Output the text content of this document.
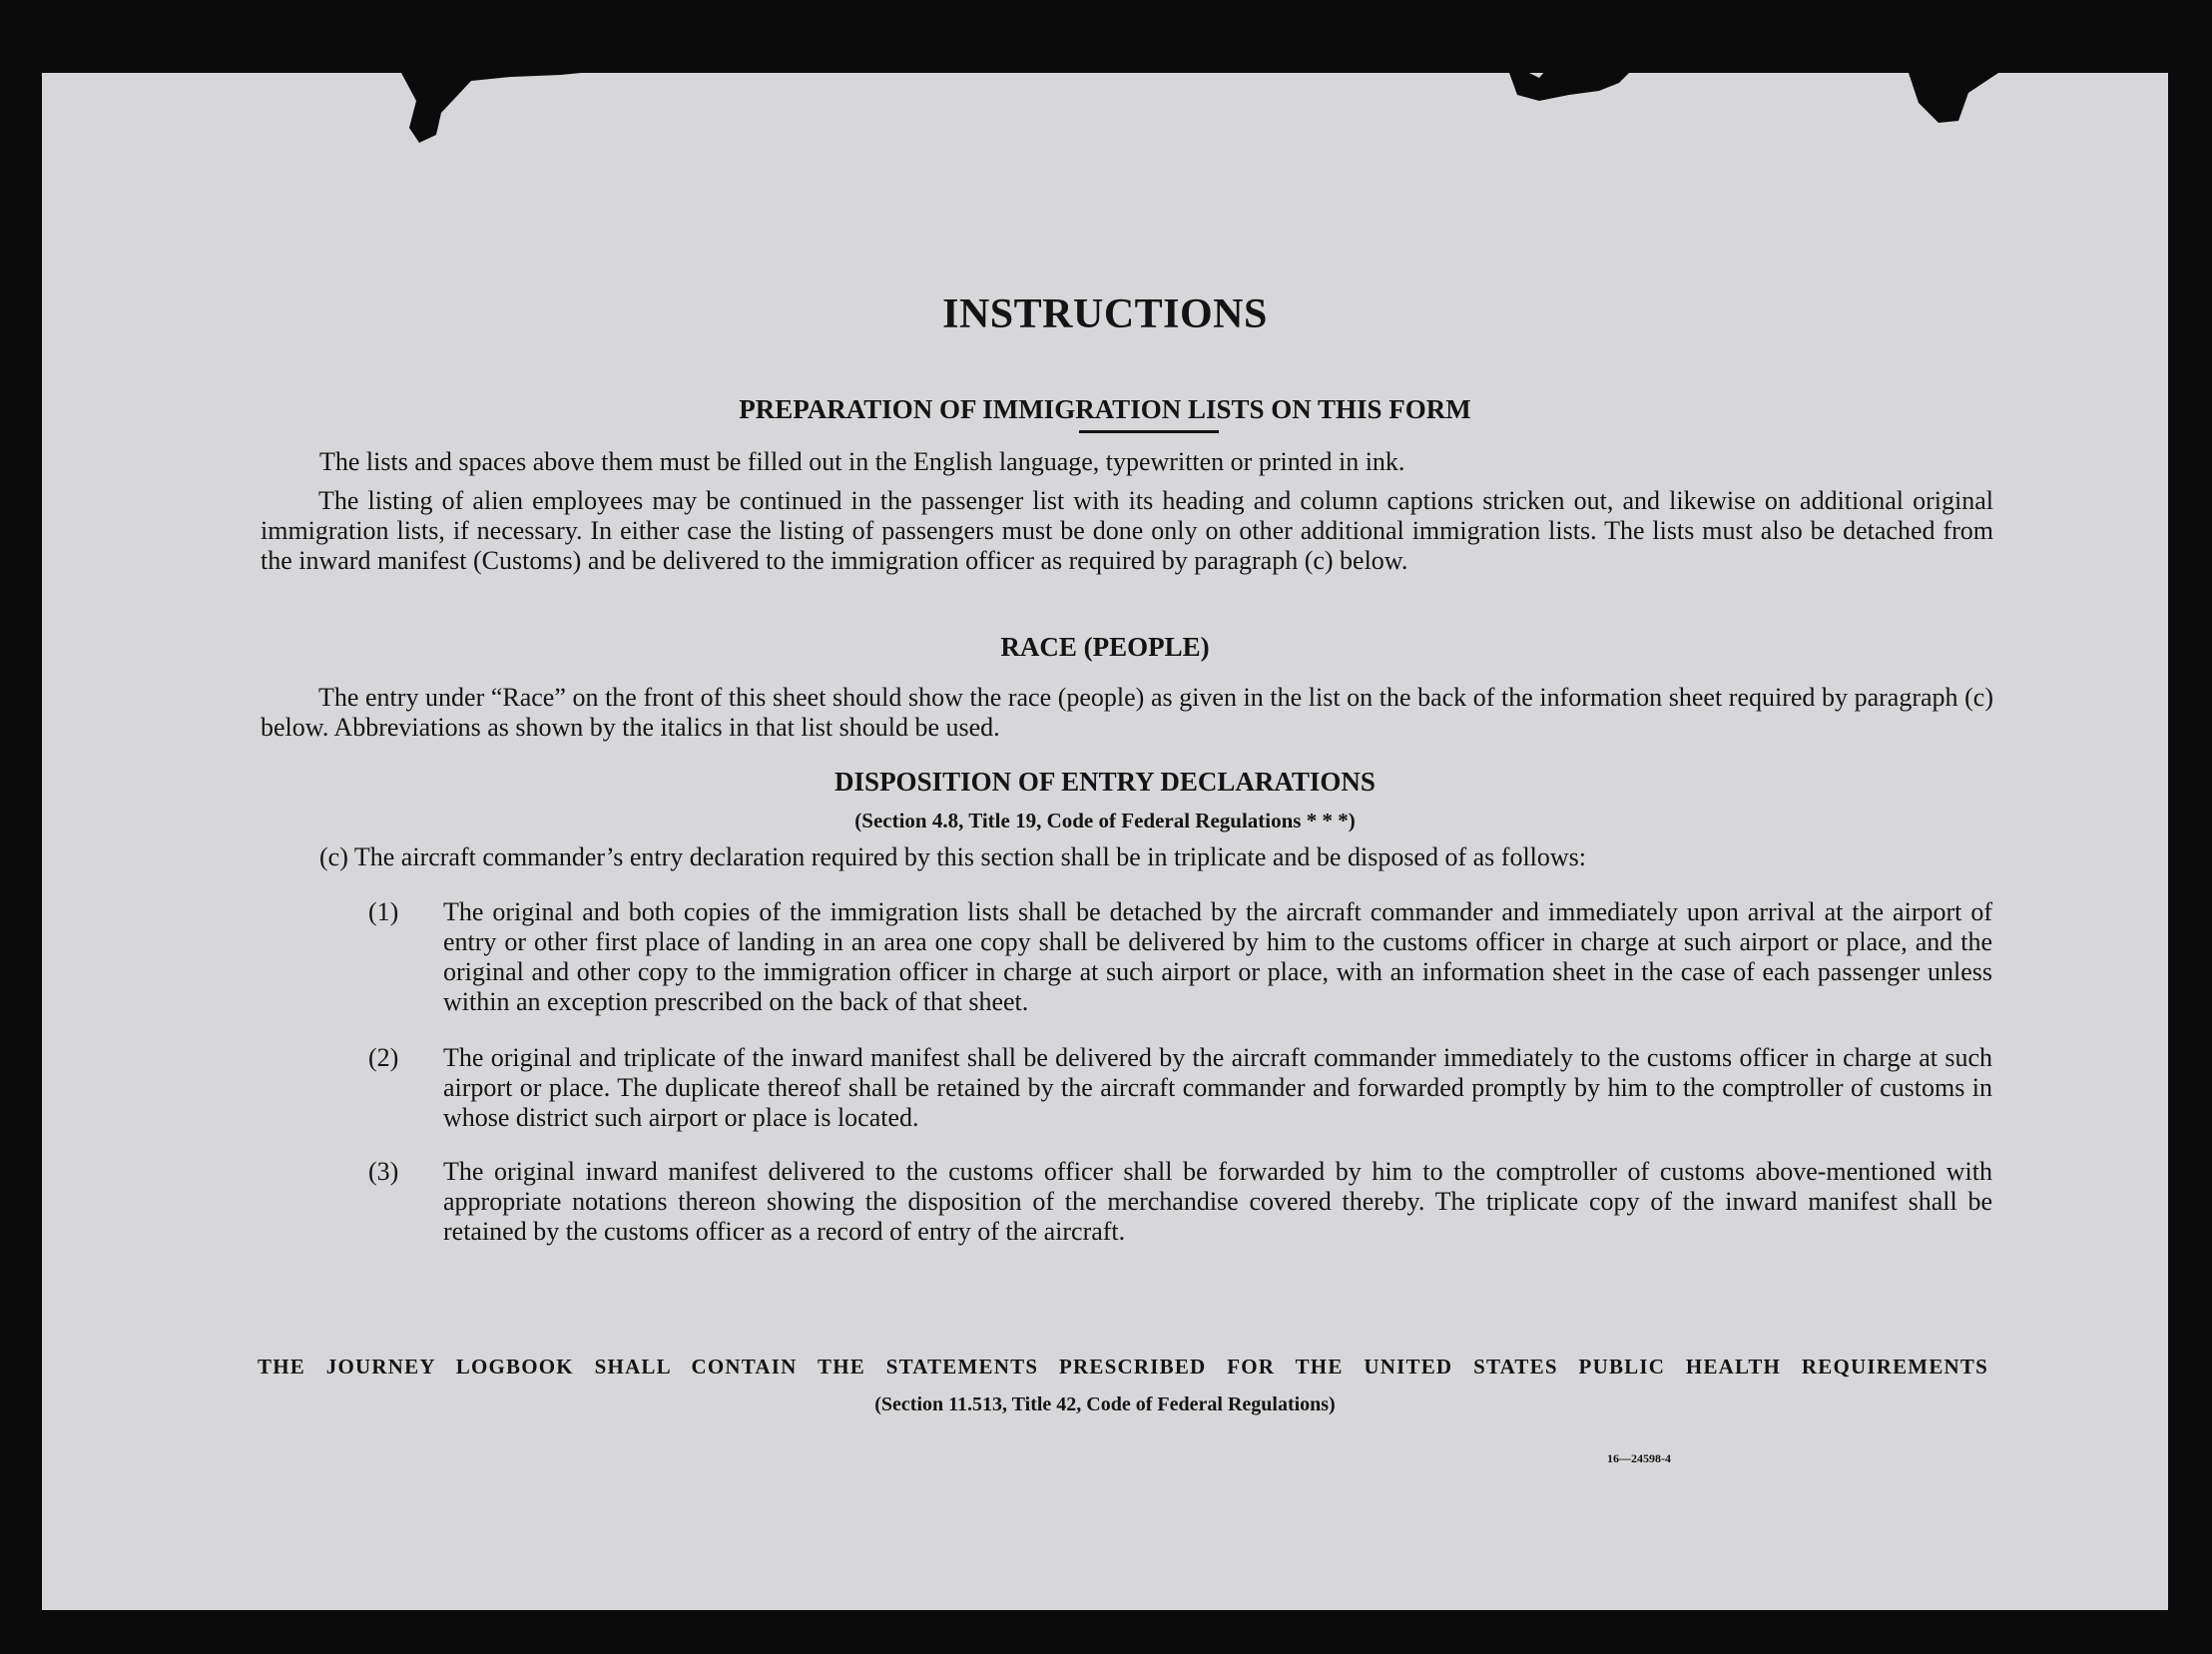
INSTRUCTIONS
PREPARATION OF IMMIGRATION LISTS ON THIS FORM

The lists and spaces above them must be filled out in the English language, typewritten or printed in ink.

The listing of alien employees may be continued in the passenger list with its heading and column captions stricken out, and likewise on additional original immigration lists, if necessary. In either case the listing of passengers must be done only on other additional immigration lists. The lists must also be detached from the inward manifest (Customs) and be delivered to the immigration officer as required by paragraph (c) below.

RACE (PEOPLE)

The entry under “Race” on the front of this sheet should show the race (people) as given in the list on the back of the information sheet required by paragraph (c) below. Abbreviations as shown by the italics in that list should be used.

DISPOSITION OF ENTRY DECLARATIONS

(Section 4.8, Title 19, Code of Federal Regulations * * *)

(c) The aircraft commander’s entry declaration required by this section shall be in triplicate and be disposed of as follows:

(1) The original and both copies of the immigration lists shall be detached by the aircraft commander and immediately upon arrival at the airport of entry or other first place of landing in an area one copy shall be delivered by him to the customs officer in charge at such airport or place, and the original and other copy to the immigration officer in charge at such airport or place, with an information sheet in the case of each passenger unless within an exception prescribed on the back of that sheet.
(2) The original and triplicate of the inward manifest shall be delivered by the aircraft commander immediately to the customs officer in charge at such airport or place. The duplicate thereof shall be retained by the aircraft commander and forwarded promptly by him to the comptroller of customs in whose district such airport or place is located.
(3) The original inward manifest delivered to the customs officer shall be forwarded by him to the comptroller of customs above-mentioned with appropriate notations thereon showing the disposition of the merchandise covered thereby. The triplicate copy of the inward manifest shall be retained by the customs officer as a record of entry of the aircraft.

THE JOURNEY LOGBOOK SHALL CONTAIN THE STATEMENTS PRESCRIBED FOR THE UNITED STATES PUBLIC HEALTH REQUIREMENTS

(Section 11.513, Title 42, Code of Federal Regulations)

16—24598-4
